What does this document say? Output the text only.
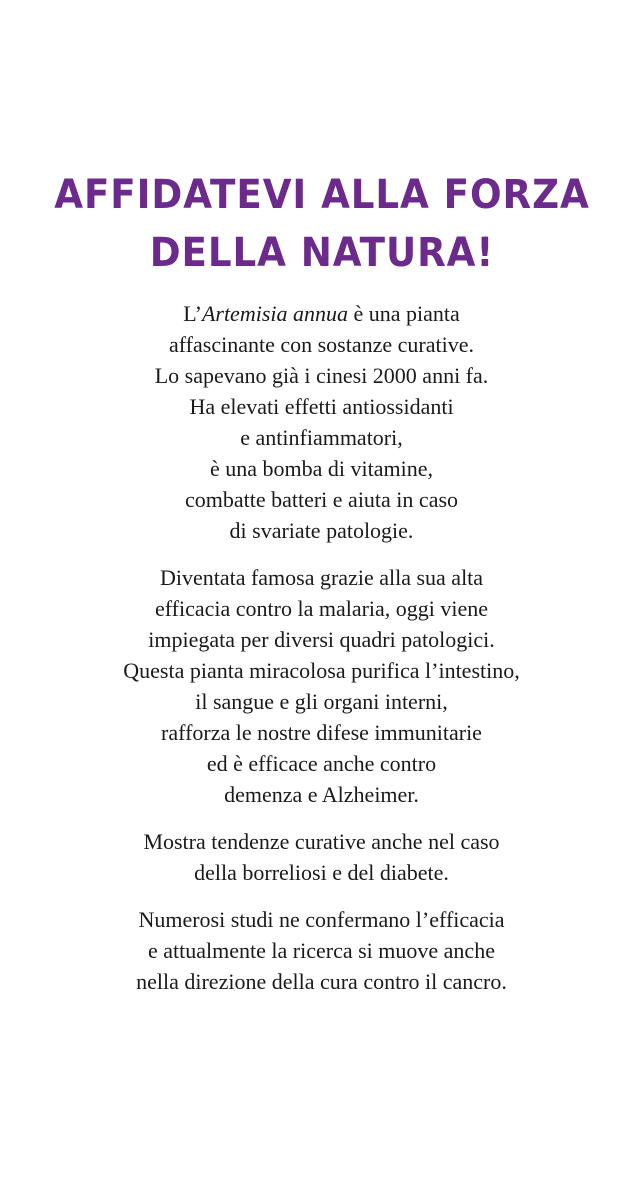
AFFIDATEVI ALLA FORZA
DELLA NATURA!

L’Artemisia annua è una pianta
affascinante con sostanze curative.
Lo sapevano già i cinesi 2000 anni fa.
Ha elevati effetti antiossidanti
e antinfiammatori,
è una bomba di vitamine,
combatte batteri e aiuta in caso
di svariate patologie.

Diventata famosa grazie alla sua alta
efficacia contro la malaria, oggi viene
impiegata per diversi quadri patologici.
Questa pianta miracolosa purifica l’intestino,
il sangue e gli organi interni,
rafforza le nostre difese immunitarie
ed è efficace anche contro
demenza e Alzheimer.

Mostra tendenze curative anche nel caso
della borreliosi e del diabete.

Numerosi studi ne confermano l’efficacia
e attualmente la ricerca si muove anche
nella direzione della cura contro il cancro.
